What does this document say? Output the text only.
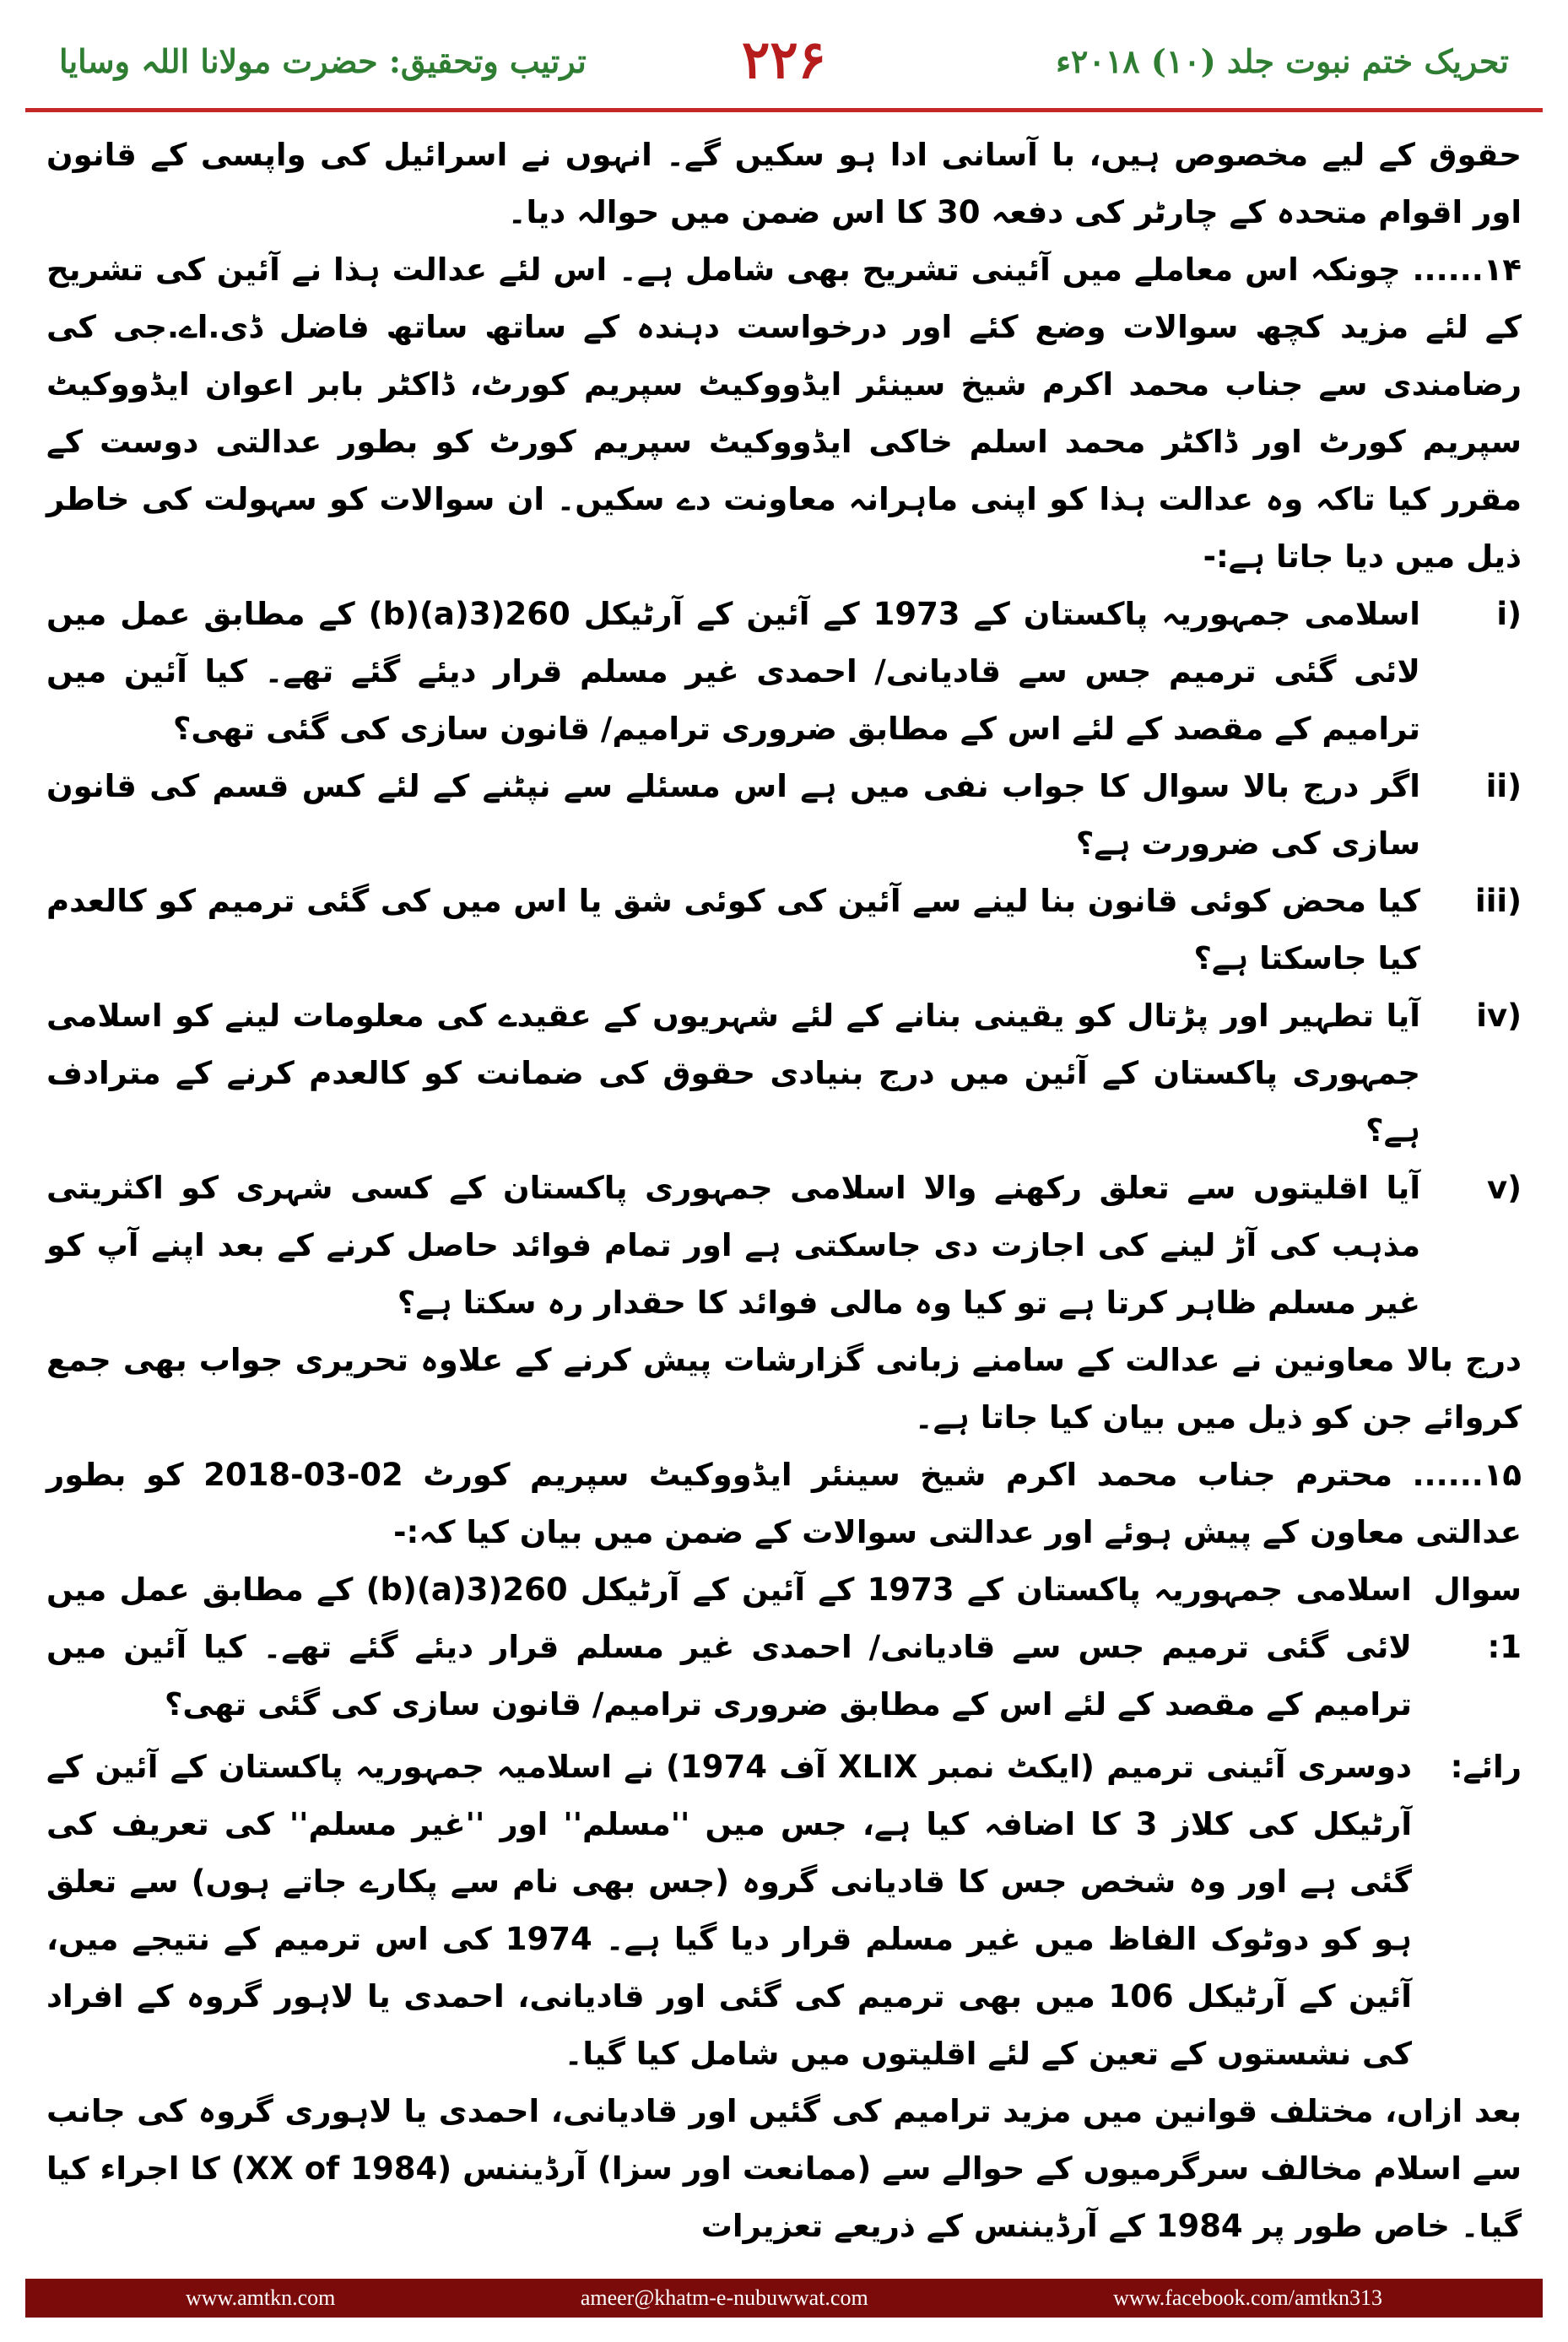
ترتیب وتحقیق: حضرت مولانا اللہ وسایا	۲۲۶	تحریک ختم نبوت جلد (۱۰) ۲۰۱۸ء

حقوق کے لیے مخصوص ہیں، با آسانی ادا ہو سکیں گے۔ انہوں نے اسرائیل کی واپسی کے قانون اور اقوام متحدہ کے چارٹر کی دفعہ 30 کا اس ضمن میں حوالہ دیا۔

۱۴...... چونکہ اس معاملے میں آئینی تشریح بھی شامل ہے۔ اس لئے عدالت ہذا نے آئین کی تشریح کے لئے مزید کچھ سوالات وضع کئے اور درخواست دہندہ کے ساتھ ساتھ فاضل ڈی.اے.جی کی رضامندی سے جناب محمد اکرم شیخ سینئر ایڈووکیٹ سپریم کورٹ، ڈاکٹر بابر اعوان ایڈووکیٹ سپریم کورٹ اور ڈاکٹر محمد اسلم خاکی ایڈووکیٹ سپریم کورٹ کو بطور عدالتی دوست کے مقرر کیا تاکہ وہ عدالت ہذا کو اپنی ماہرانہ معاونت دے سکیں۔ ان سوالات کو سہولت کی خاطر ذیل میں دیا جاتا ہے:-

i)
اسلامی جمہوریہ پاکستان کے 1973 کے آئین کے آرٹیکل 260(3(a)(b) کے مطابق عمل میں لائی گئی ترمیم جس سے قادیانی/ احمدی غیر مسلم قرار دیئے گئے تھے۔ کیا آئین میں ترامیم کے مقصد کے لئے اس کے مطابق ضروری ترامیم/ قانون سازی کی گئی تھی؟
ii)
اگر درج بالا سوال کا جواب نفی میں ہے اس مسئلے سے نپٹنے کے لئے کس قسم کی قانون سازی کی ضرورت ہے؟
iii)
کیا محض کوئی قانون بنا لینے سے آئین کی کوئی شق یا اس میں کی گئی ترمیم کو کالعدم کیا جاسکتا ہے؟
iv)
آیا تطہیر اور پڑتال کو یقینی بنانے کے لئے شہریوں کے عقیدے کی معلومات لینے کو اسلامی جمہوری پاکستان کے آئین میں درج بنیادی حقوق کی ضمانت کو کالعدم کرنے کے مترادف ہے؟
v)
آیا اقلیتوں سے تعلق رکھنے والا اسلامی جمہوری پاکستان کے کسی شہری کو اکثریتی مذہب کی آڑ لینے کی اجازت دی جاسکتی ہے اور تمام فوائد حاصل کرنے کے بعد اپنے آپ کو غیر مسلم ظاہر کرتا ہے تو کیا وہ مالی فوائد کا حقدار رہ سکتا ہے؟

درج بالا معاونین نے عدالت کے سامنے زبانی گزارشات پیش کرنے کے علاوہ تحریری جواب بھی جمع کروائے جن کو ذیل میں بیان کیا جاتا ہے۔

۱۵...... محترم جناب محمد اکرم شیخ سینئر ایڈووکیٹ سپریم کورٹ 02-03-2018 کو بطور عدالتی معاون کے پیش ہوئے اور عدالتی سوالات کے ضمن میں بیان کیا کہ:-

سوال 1:
اسلامی جمہوریہ پاکستان کے 1973 کے آئین کے آرٹیکل 260(3(a)(b) کے مطابق عمل میں لائی گئی ترمیم جس سے قادیانی/ احمدی غیر مسلم قرار دیئے گئے تھے۔ کیا آئین میں ترامیم کے مقصد کے لئے اس کے مطابق ضروری ترامیم/ قانون سازی کی گئی تھی؟
رائے:
دوسری آئینی ترمیم (ایکٹ نمبر XLIX آف 1974) نے اسلامیہ جمہوریہ پاکستان کے آئین کے آرٹیکل کی کلاز 3 کا اضافہ کیا ہے، جس میں ''مسلم'' اور ''غیر مسلم'' کی تعریف کی گئی ہے اور وہ شخص جس کا قادیانی گروہ (جس بھی نام سے پکارے جاتے ہوں) سے تعلق ہو کو دوٹوک الفاظ میں غیر مسلم قرار دیا گیا ہے۔ 1974 کی اس ترمیم کے نتیجے میں، آئین کے آرٹیکل 106 میں بھی ترمیم کی گئی اور قادیانی، احمدی یا لاہور گروہ کے افراد کی نشستوں کے تعین کے لئے اقلیتوں میں شامل کیا گیا۔

بعد ازاں، مختلف قوانین میں مزید ترامیم کی گئیں اور قادیانی، احمدی یا لاہوری گروہ کی جانب سے اسلام مخالف سرگرمیوں کے حوالے سے (ممانعت اور سزا) آرڈیننس (XX of 1984) کا اجراء کیا گیا۔ خاص طور پر 1984 کے آرڈیننس کے ذریعے تعزیرات

www.amtkn.com	ameer@khatm-e-nubuwwat.com	www.facebook.com/amtkn313
